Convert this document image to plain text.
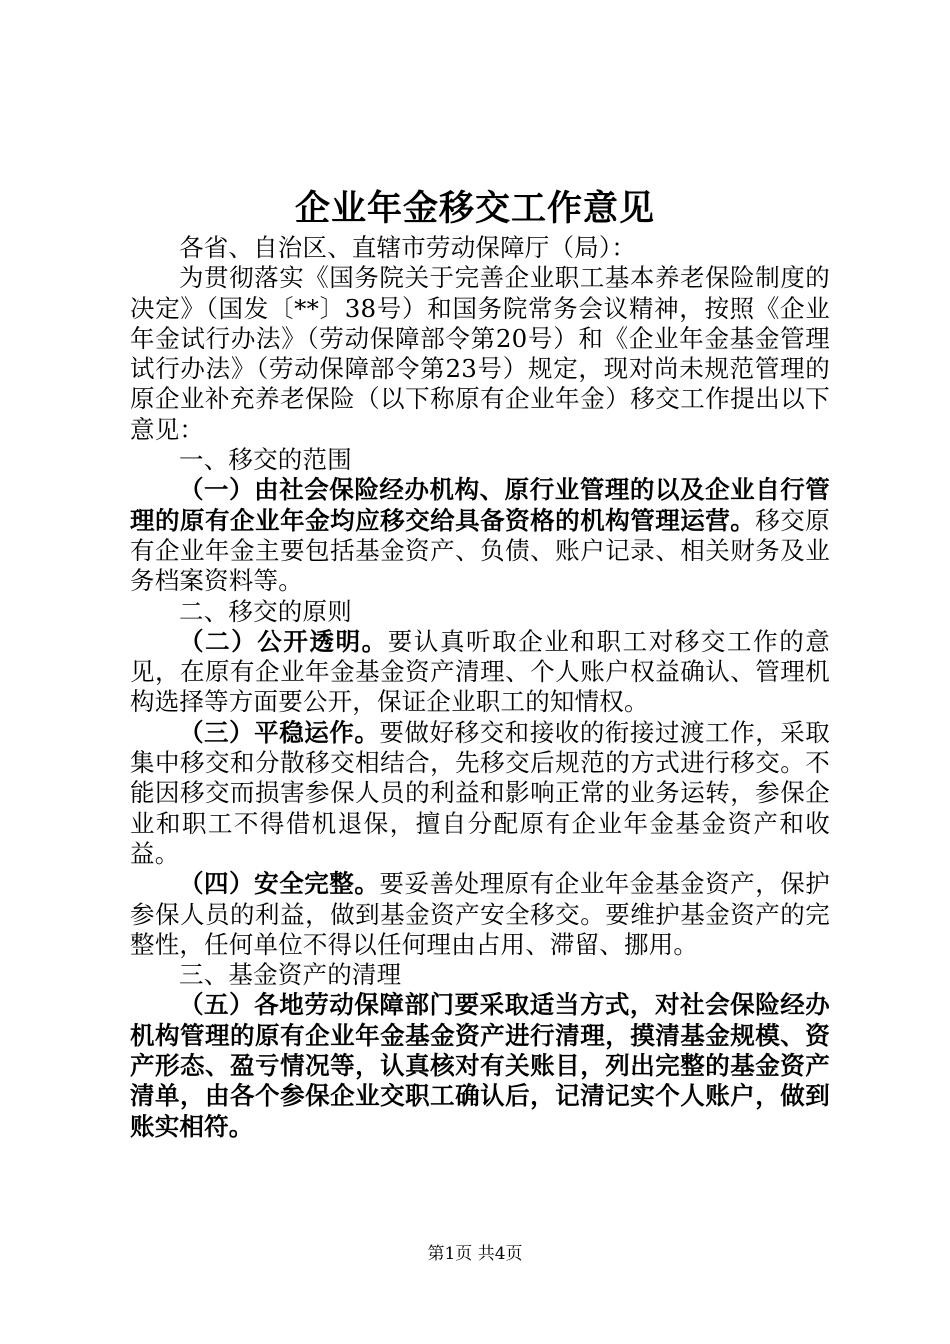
企业年金移交工作意见

各省、自治区、直辖市劳动保障厅（局）：

为贯彻落实《国务院关于完善企业职工基本养老保险制度的决定》（国发〔**〕38号）和国务院常务会议精神，按照《企业年金试行办法》（劳动保障部令第20号）和《企业年金基金管理试行办法》（劳动保障部令第23号）规定，现对尚未规范管理的原企业补充养老保险（以下称原有企业年金）移交工作提出以下意见：

一、移交的范围

（一）由社会保险经办机构、原行业管理的以及企业自行管理的原有企业年金均应移交给具备资格的机构管理运营。移交原有企业年金主要包括基金资产、负债、账户记录、相关财务及业务档案资料等。

二、移交的原则

（二）公开透明。要认真听取企业和职工对移交工作的意见，在原有企业年金基金资产清理、个人账户权益确认、管理机构选择等方面要公开，保证企业职工的知情权。

（三）平稳运作。要做好移交和接收的衔接过渡工作，采取集中移交和分散移交相结合，先移交后规范的方式进行移交。不能因移交而损害参保人员的利益和影响正常的业务运转，参保企业和职工不得借机退保，擅自分配原有企业年金基金资产和收益。

（四）安全完整。要妥善处理原有企业年金基金资产，保护参保人员的利益，做到基金资产安全移交。要维护基金资产的完整性，任何单位不得以任何理由占用、滞留、挪用。

三、基金资产的清理

（五）各地劳动保障部门要采取适当方式，对社会保险经办机构管理的原有企业年金基金资产进行清理，摸清基金规模、资产形态、盈亏情况等，认真核对有关账目，列出完整的基金资产清单，由各个参保企业交职工确认后，记清记实个人账户，做到账实相符。

第1页 共4页
